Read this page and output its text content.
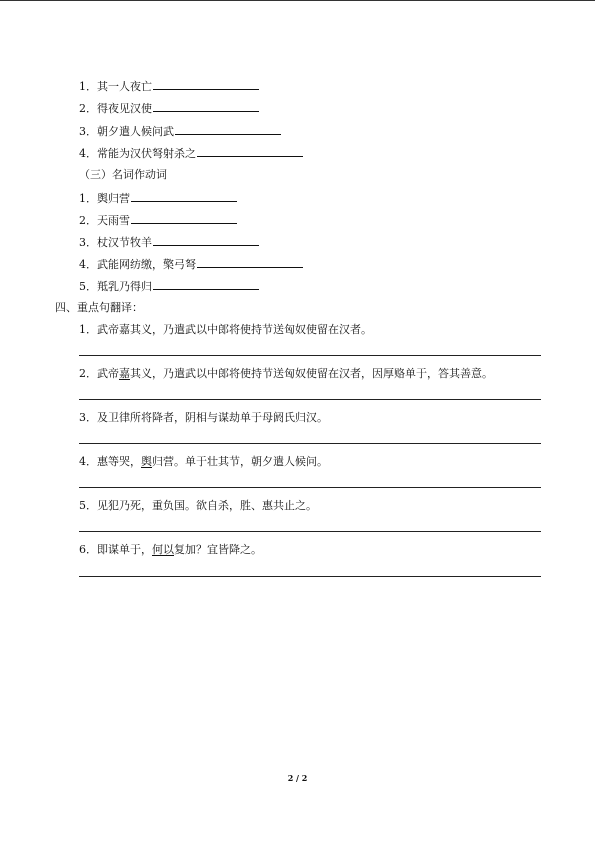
1．其一人夜亡
2．得夜见汉使
3．朝夕遣人候问武
4．常能为汉伏弩射杀之
（三）名词作动词
1．舆归营
2．天雨雪
3．杖汉节牧羊
4．武能网纺缴，檠弓弩
5．羝乳乃得归
四、重点句翻译：
1．武帝嘉其义，乃遣武以中郎将使持节送匈奴使留在汉者。
2．武帝嘉其义，乃遣武以中郎将使持节送匈奴使留在汉者，因厚赂单于，答其善意。
3．及卫律所将降者，阴相与谋劫单于母阏氏归汉。
4．惠等哭，舆归营。单于壮其节，朝夕遣人候问。
5．见犯乃死，重负国。欲自杀，胜、惠共止之。
6．即谋单于，何以复加？宜皆降之。
2 / 2
